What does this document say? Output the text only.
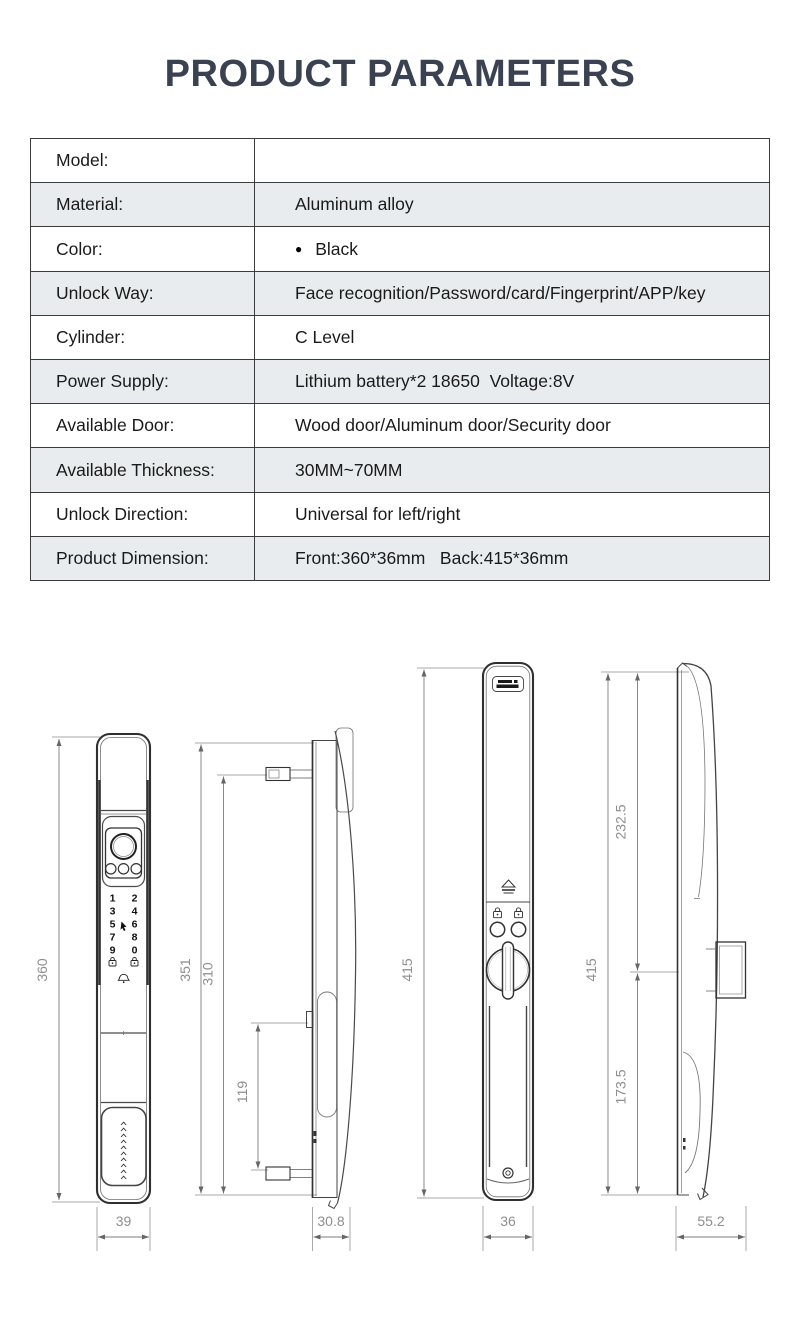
PRODUCT PARAMETERS
Model:
Material:	Aluminum alloy
Color:	● Black
Unlock Way:	Face recognition/Password/card/Fingerprint/APP/key
Cylinder:	C Level
Power Supply:	Lithium battery*2 18650  Voltage:8V
Available Door:	Wood door/Aluminum door/Security door
Available Thickness:	30MM~70MM
Unlock Direction:	Universal for left/right
Product Dimension:	Front:360*36mm   Back:415*36mm
360
1 2
3 4
5 6
7 8
9 0
39
351 310
119
30.8
415
36
415
232.5
173.5
55.2
